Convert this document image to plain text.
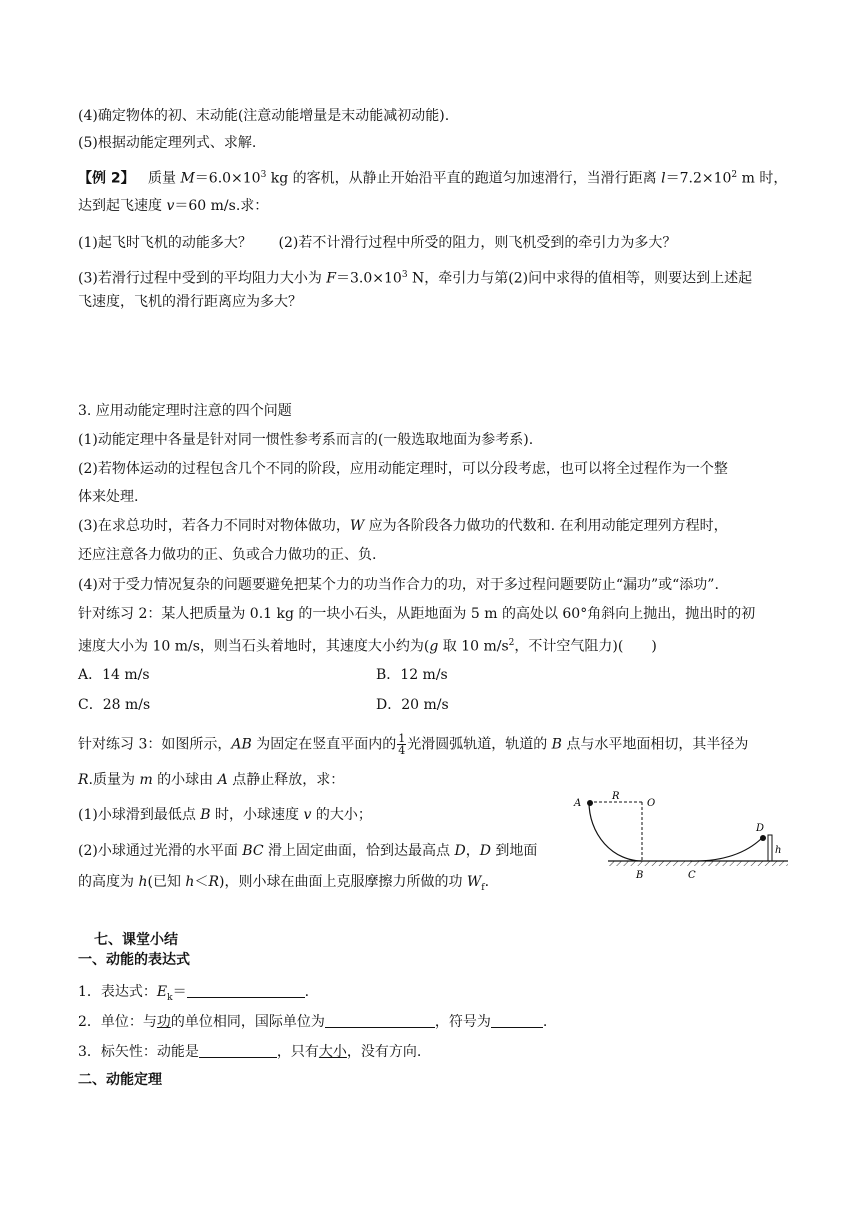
(4)确定物体的初、末动能(注意动能增量是末动能减初动能).
(5)根据动能定理列式、求解.
【例 2】 质量 $M=6.0\times 10^3$ kg 的客机，从静止开始沿平直的跑道匀加速滑行，当滑行距离 $l=7.2\times 10^2$ m 时，
达到起飞速度 v＝60 m/s.求：
(1)起飞时飞机的动能多大？ (2)若不计滑行过程中所受的阻力，则飞机受到的牵引力为多大？
(3)若滑行过程中受到的平均阻力大小为 $F=3.0\times 10^3$ N，牵引力与第(2)问中求得的值相等，则要达到上述起
飞速度，飞机的滑行距离应为多大？
3. 应用动能定理时注意的四个问题
(1)动能定理中各量是针对同一惯性参考系而言的(一般选取地面为参考系).
(2)若物体运动的过程包含几个不同的阶段，应用动能定理时，可以分段考虑，也可以将全过程作为一个整
体来处理.
(3)在求总功时，若各力不同时对物体做功，W 应为各阶段各力做功的代数和. 在利用动能定理列方程时，
还应注意各力做功的正、负或合力做功的正、负.
(4)对于受力情况复杂的问题要避免把某个力的功当作合力的功，对于多过程问题要防止“漏功”或“添功”.
针对练习 2：某人把质量为 0.1 kg 的一块小石头，从距地面为 5 m 的高处以 60°角斜向上抛出，抛出时的初
速度大小为 10 m/s，则当石头着地时，其速度大小约为(g 取 10 $m/s^2$，不计空气阻力)(　　)
A．14 m/s	B．12 m/s
C．28 m/s	D．20 m/s
针对练习 3：如图所示，AB 为固定在竖直平面内的 $\frac{1}{4}$ 光滑圆弧轨道，轨道的 B 点与水平地面相切，其半径为
R.质量为 m 的小球由 A 点静止释放，求：
(1)小球滑到最低点 B 时，小球速度 v 的大小；
(2)小球通过光滑的水平面 BC 滑上固定曲面，恰到达最高点 D，D 到地面
的高度为 h(已知 h＜R)，则小球在曲面上克服摩擦力所做的功 $W_f$.
A
R
O
D
h
B	C
七、课堂小结
一、动能的表达式
1．表达式：$E_k=$	.
2．单位：与功的单位相同，国际单位为	，符号为	.
3．标矢性：动能是	，只有大小，没有方向.
二、动能定理
